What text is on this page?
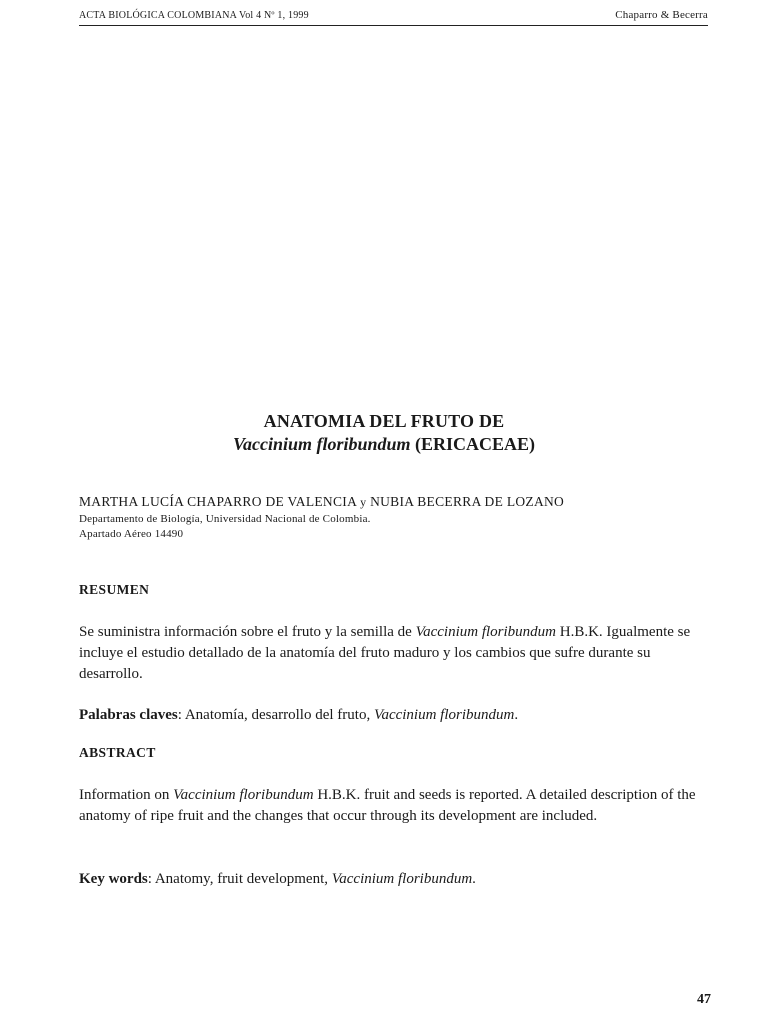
ACTA BIOLÓGICA COLOMBIANA Vol 4 Nº 1, 1999	Chaparro & Becerra
ANATOMIA DEL FRUTO DE
Vaccinium floribundum (ERICACEAE)
MARTHA LUCÍA CHAPARRO DE VALENCIA y NUBIA BECERRA DE LOZANO
Departamento de Biología, Universidad Nacional de Colombia.
Apartado Aéreo 14490
RESUMEN
Se suministra información sobre el fruto y la semilla de Vaccinium floribundum H.B.K. Igualmente se incluye el estudio detallado de la anatomía del fruto maduro y los cambios que sufre durante su desarrollo.
Palabras claves: Anatomía, desarrollo del fruto, Vaccinium floribundum.
ABSTRACT
Information on Vaccinium floribundum H.B.K. fruit and seeds is reported. A detailed description of the anatomy of ripe fruit and the changes that occur through its development are included.
Key words: Anatomy, fruit development, Vaccinium floribundum.
47
